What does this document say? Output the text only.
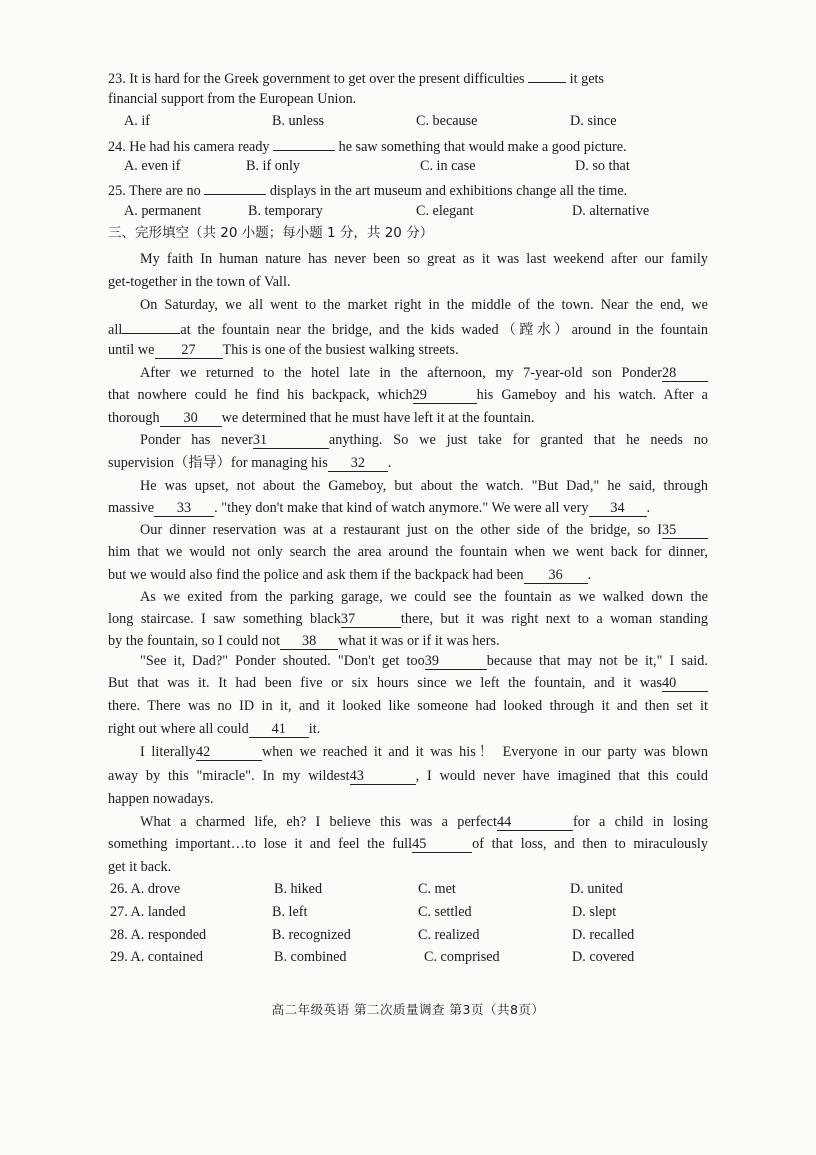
23. It is hard for the Greek government to get over the present difficulties	it gets
financial support from the European Union.
A. if	B. unless	C. because	D. since
24. He had his camera ready	he saw something that would make a good picture.
A. even if	B. if only	C. in case	D. so that
25. There are no	displays in the art museum and exhibitions change all the time.
A. permanent	B. temporary	C. elegant	D. alternative
三、完形填空（共 20 小题；每小题 1 分，共 20 分）
My faith In human nature has never been so great as it was last weekend after our family
get-together in the town of Vall.
On Saturday, we all went to the market right in the middle of the town. Near the end, we
all	at the fountain near the bridge, and the kids waded（蹚水）around in the fountain
until we 27 This is one of the busiest walking streets.
After we returned to the hotel late in the afternoon, my 7-year-old son Ponder28
that nowhere could he find his backpack, which29	his Gameboy and his watch. After a
thorough 30 we determined that he must have left it at the fountain.
Ponder has never31	anything. So we just take for granted that he needs no
supervision（指导）for managing his 32 .
He was upset, not about the Gameboy, but about the watch. "But Dad," he said, through
massive 33 . "they don't make that kind of watch anymore." We were all very 34 .
Our dinner reservation was at a restaurant just on the other side of the bridge, so I35
him that we would not only search the area around the fountain when we went back for dinner,
but we would also find the police and ask them if the backpack had been 36 .
As we exited from the parking garage, we could see the fountain as we walked down the
long staircase. I saw something black37	there, but it was right next to a woman standing
by the fountain, so I could not 38 what it was or if it was hers.
"See it, Dad?" Ponder shouted. "Don't get too39	because that may not be it," I said.
But that was it. It had been five or six hours since we left the fountain, and it was40
there. There was no ID in it, and it looked like someone had looked through it and then set it
right out where all could 41 it.
I literally42	when we reached it and it was his！ Everyone in our party was blown
away by this "miracle". In my wildest43	, I would never have imagined that this could
happen nowadays.
What a charmed life, eh? I believe this was a perfect44	for a child in losing
something important…to lose it and feel the full45	of that loss, and then to miraculously
get it back.
26. A. drove	B. hiked	C. met	D. united
27. A. landed	B. left	C. settled	D. slept
28. A. responded	B. recognized	C. realized	D. recalled
29. A. contained	B. combined	C. comprised	D. covered
高二年级英语 第二次质量调查 第3页（共8页）
